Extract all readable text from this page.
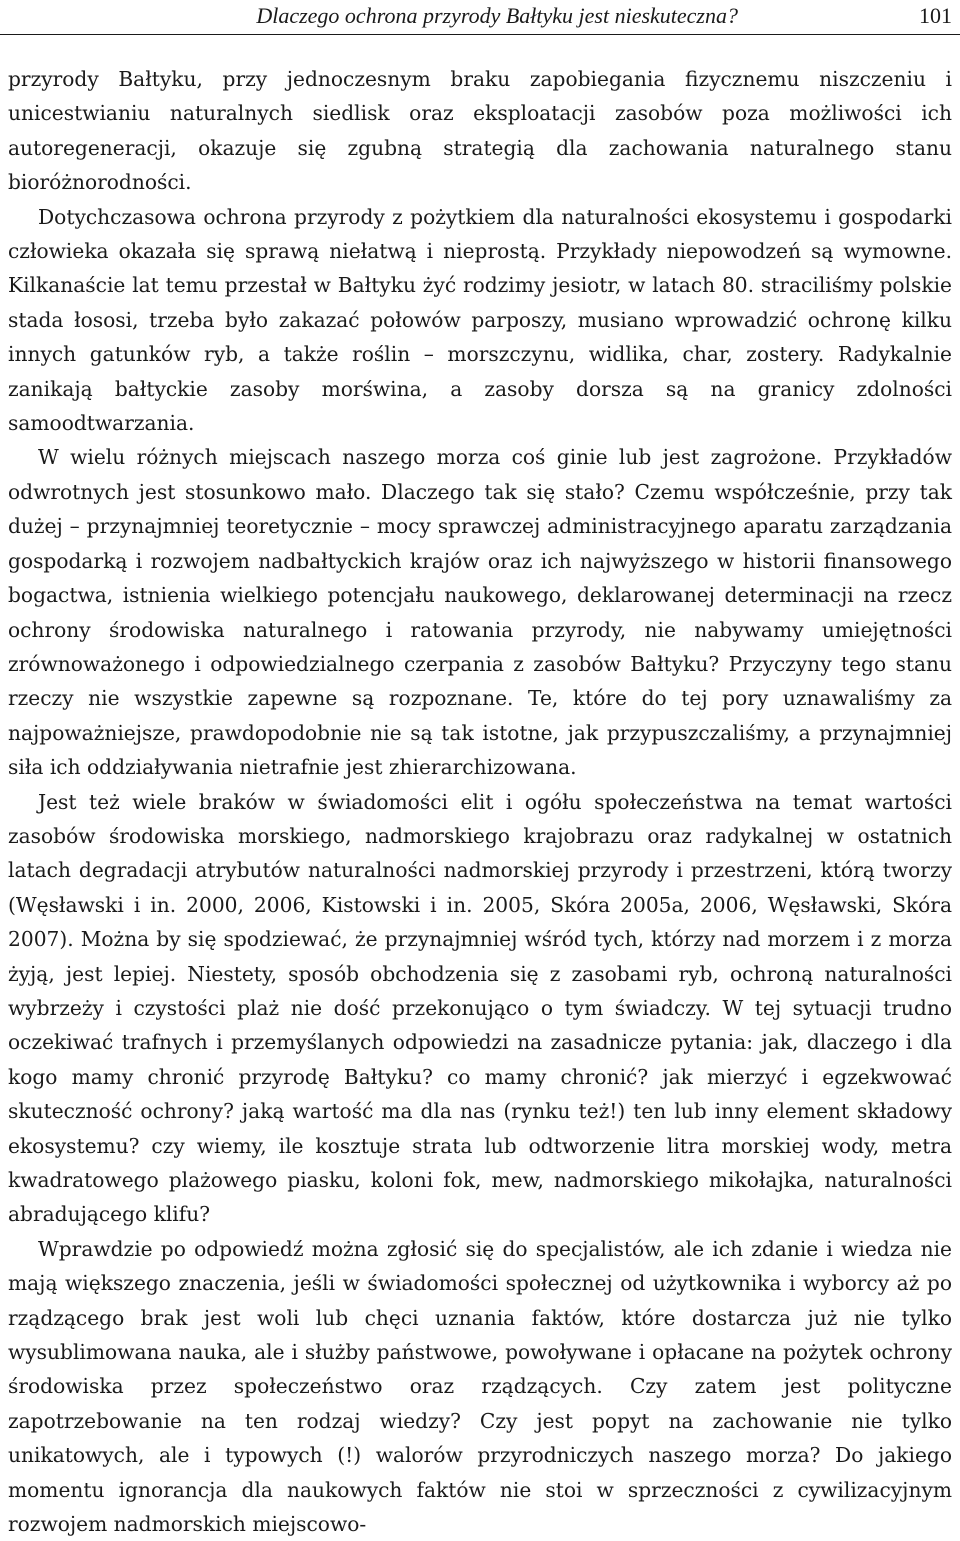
Dlaczego ochrona przyrody Bałtyku jest nieskuteczna?	101

przyrody Bałtyku, przy jednoczesnym braku zapobiegania fizycznemu niszczeniu i unicestwianiu naturalnych siedlisk oraz eksploatacji zasobów poza możliwości ich autoregeneracji, okazuje się zgubną strategią dla zachowania naturalnego stanu bioróżnorodności.

Dotychczasowa ochrona przyrody z pożytkiem dla naturalności ekosystemu i gospodarki człowieka okazała się sprawą niełatwą i nieprostą. Przykłady niepowodzeń są wymowne. Kilkanaście lat temu przestał w Bałtyku żyć rodzimy jesiotr, w latach 80. straciliśmy polskie stada łososi, trzeba było zakazać połowów parposzy, musiano wprowadzić ochronę kilku innych gatunków ryb, a także roślin – morszczynu, widlika, char, zostery. Radykalnie zanikają bałtyckie zasoby morświna, a zasoby dorsza są na granicy zdolności samoodtwarzania.

W wielu różnych miejscach naszego morza coś ginie lub jest zagrożone. Przykładów odwrotnych jest stosunkowo mało. Dlaczego tak się stało? Czemu współcześnie, przy tak dużej – przynajmniej teoretycznie – mocy sprawczej administracyjnego aparatu zarządzania gospodarką i rozwojem nadbałtyckich krajów oraz ich najwyższego w historii finansowego bogactwa, istnienia wielkiego potencjału naukowego, deklarowanej determinacji na rzecz ochrony środowiska naturalnego i ratowania przyrody, nie nabywamy umiejętności zrównoważonego i odpowiedzialnego czerpania z zasobów Bałtyku? Przyczyny tego stanu rzeczy nie wszystkie zapewne są rozpoznane. Te, które do tej pory uznawaliśmy za najpoważniejsze, prawdopodobnie nie są tak istotne, jak przypuszczaliśmy, a przynajmniej siła ich oddziaływania nietrafnie jest zhierarchizowana.

Jest też wiele braków w świadomości elit i ogółu społeczeństwa na temat wartości zasobów środowiska morskiego, nadmorskiego krajobrazu oraz radykalnej w ostatnich latach degradacji atrybutów naturalności nadmorskiej przyrody i przestrzeni, którą tworzy (Węsławski i in. 2000, 2006, Kistowski i in. 2005, Skóra 2005a, 2006, Węsławski, Skóra 2007). Można by się spodziewać, że przynajmniej wśród tych, którzy nad morzem i z morza żyją, jest lepiej. Niestety, sposób obchodzenia się z zasobami ryb, ochroną naturalności wybrzeży i czystości plaż nie dość przekonująco o tym świadczy. W tej sytuacji trudno oczekiwać trafnych i przemyślanych odpowiedzi na zasadnicze pytania: jak, dlaczego i dla kogo mamy chronić przyrodę Bałtyku? co mamy chronić? jak mierzyć i egzekwować skuteczność ochrony? jaką wartość ma dla nas (rynku też!) ten lub inny element składowy ekosystemu? czy wiemy, ile kosztuje strata lub odtworzenie litra morskiej wody, metra kwadratowego plażowego piasku, koloni fok, mew, nadmorskiego mikołajka, naturalności abradującego klifu?

Wprawdzie po odpowiedź można zgłosić się do specjalistów, ale ich zdanie i wiedza nie mają większego znaczenia, jeśli w świadomości społecznej od użytkownika i wyborcy aż po rządzącego brak jest woli lub chęci uznania faktów, które dostarcza już nie tylko wysublimowana nauka, ale i służby państwowe, powoływane i opłacane na pożytek ochrony środowiska przez społeczeństwo oraz rządzących. Czy zatem jest polityczne zapotrzebowanie na ten rodzaj wiedzy? Czy jest popyt na zachowanie nie tylko unikatowych, ale i typowych (!) walorów przyrodniczych naszego morza? Do jakiego momentu ignorancja dla naukowych faktów nie stoi w sprzeczności z cywilizacyjnym rozwojem nadmorskich miejscowo-
